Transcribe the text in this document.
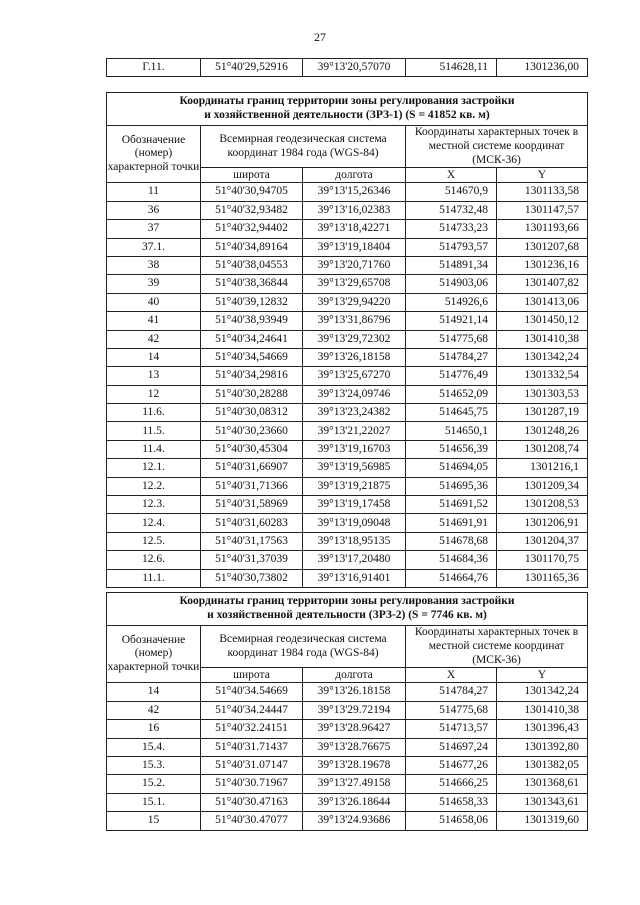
27
Г.11.	51°40'29,52916	39°13'20,57070	514628,11	1301236,00
Координаты границ территории зоны регулирования застройки
и хозяйственной деятельности (ЗРЗ-1) (S = 41852 кв. м)				

Обозначение (номер) характерной точки	Всемирная геодезическая система координат 1984 года (WGS-84)		Координаты характерных точек в местной системе координат (МСК-36)	
	широта	долгота	X	Y
11	51°40'30,94705	39°13'15,26346	514670,9	1301133,58
36	51°40'32,93482	39°13'16,02383	514732,48	1301147,57
37	51°40'32,94402	39°13'18,42271	514733,23	1301193,66
37.1.	51°40'34,89164	39°13'19,18404	514793,57	1301207,68
38	51°40'38,04553	39°13'20,71760	514891,34	1301236,16
39	51°40'38,36844	39°13'29,65708	514903,06	1301407,82
40	51°40'39,12832	39°13'29,94220	514926,6	1301413,06
41	51°40'38,93949	39°13'31,86796	514921,14	1301450,12
42	51°40'34,24641	39°13'29,72302	514775,68	1301410,38
14	51°40'34,54669	39°13'26,18158	514784,27	1301342,24
13	51°40'34,29816	39°13'25,67270	514776,49	1301332,54
12	51°40'30,28288	39°13'24,09746	514652,09	1301303,53
11.6.	51°40'30,08312	39°13'23,24382	514645,75	1301287,19
11.5.	51°40'30,23660	39°13'21,22027	514650,1	1301248,26
11.4.	51°40'30,45304	39°13'19,16703	514656,39	1301208,74
12.1.	51°40'31,66907	39°13'19,56985	514694,05	1301216,1
12.2.	51°40'31,71366	39°13'19,21875	514695,36	1301209,34
12.3.	51°40'31,58969	39°13'19,17458	514691,52	1301208,53
12.4.	51°40'31,60283	39°13'19,09048	514691,91	1301206,91
12.5.	51°40'31,17563	39°13'18,95135	514678,68	1301204,37
12.6.	51°40'31,37039	39°13'17,20480	514684,36	1301170,75
11.1.	51°40'30,73802	39°13'16,91401	514664,76	1301165,36
Координаты границ территории зоны регулирования застройки
и хозяйственной деятельности (ЗРЗ-2) (S = 7746 кв. м)				

Обозначение (номер) характерной точки	Всемирная геодезическая система координат 1984 года (WGS-84)		Координаты характерных точек в местной системе координат (МСК-36)	
	широта	долгота	X	Y
14	51°40'34.54669	39°13'26.18158	514784,27	1301342,24
42	51°40'34.24447	39°13'29.72194	514775,68	1301410,38
16	51°40'32.24151	39°13'28.96427	514713,57	1301396,43
15.4.	51°40'31.71437	39°13'28.76675	514697,24	1301392,80
15.3.	51°40'31.07147	39°13'28.19678	514677,26	1301382,05
15.2.	51°40'30.71967	39°13'27.49158	514666,25	1301368,61
15.1.	51°40'30.47163	39°13'26.18644	514658,33	1301343,61
15	51°40'30.47077	39°13'24.93686	514658,06	1301319,60
